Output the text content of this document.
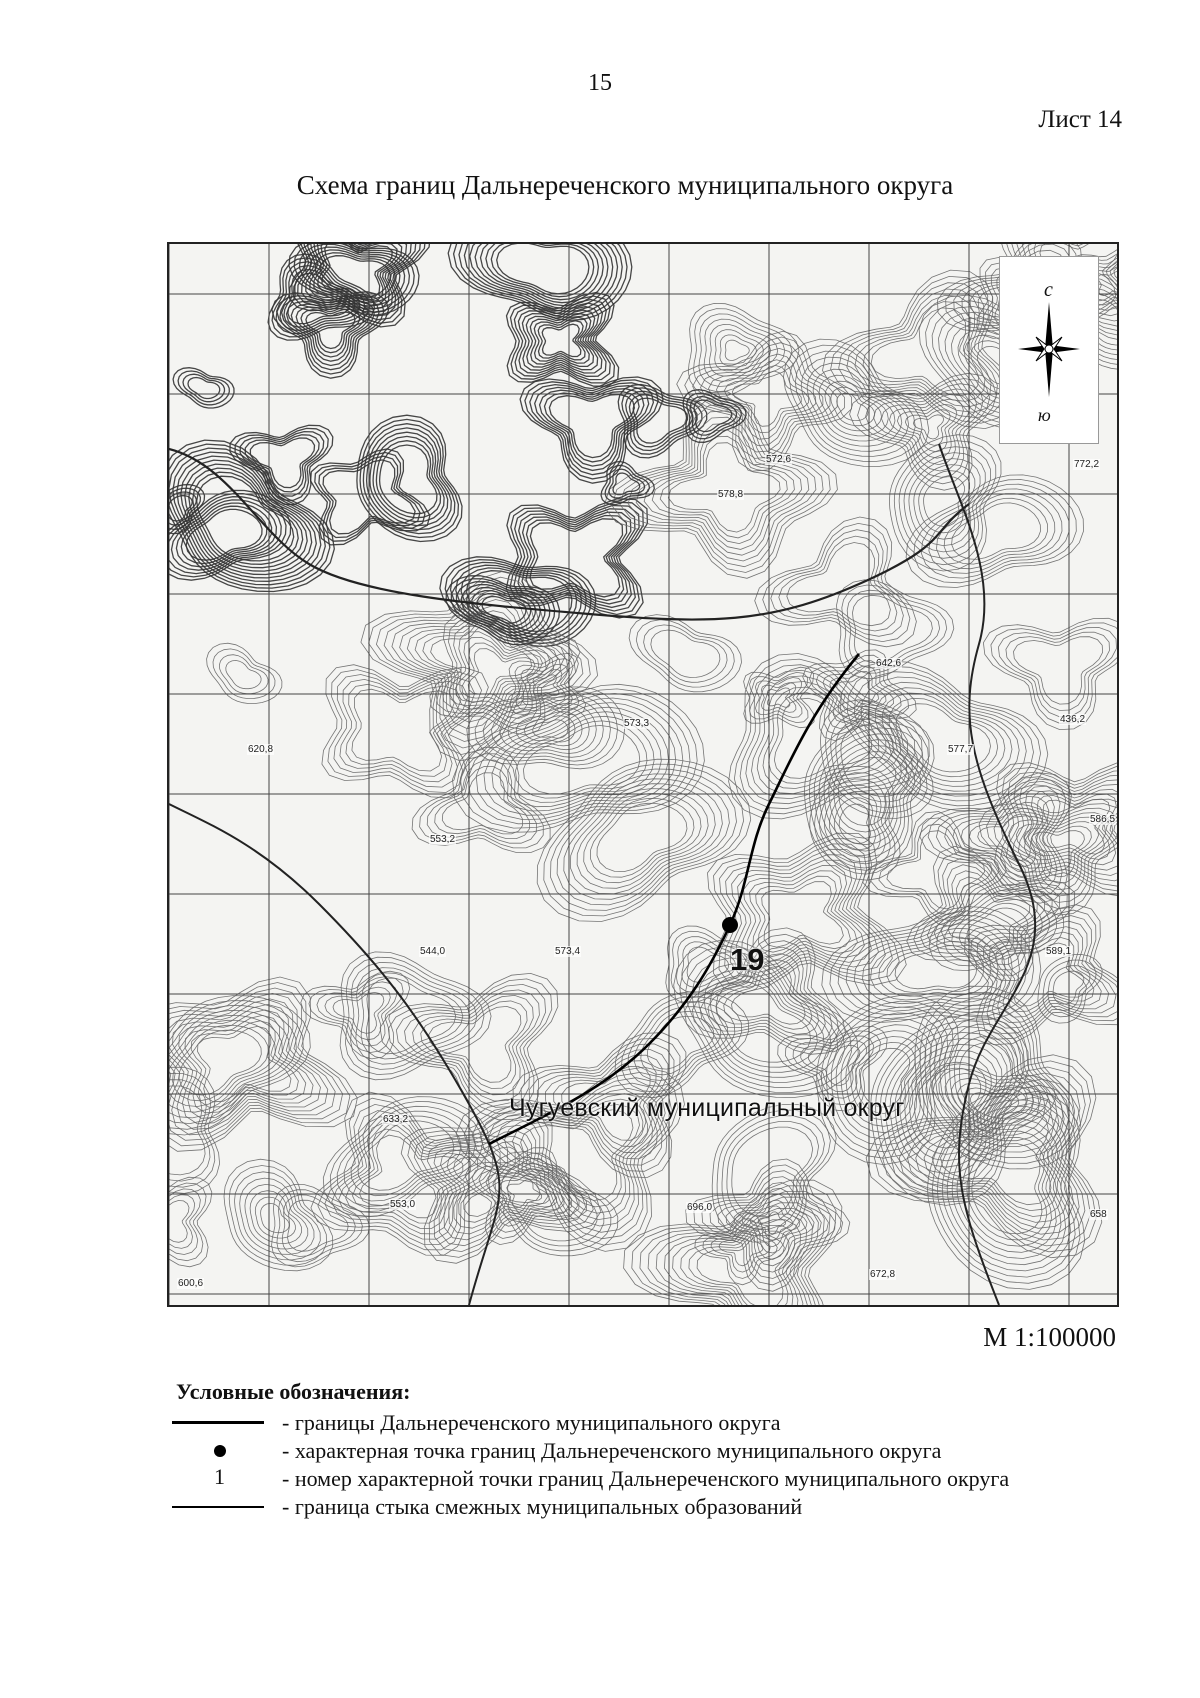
15
Лист 14
Схема границ Дальнереченского муниципального округа
с
ю
Чугуевский муниципальный округ
19
572,6
578,8
573,3
577,7
586,5
436,2
620,8
553,2
544,0	573,4	589,1
633,2
553,0	696,0
672,8
658
772,2
600,6
642,6
М 1:100000
Условные обозначения:
- границы Дальнереченского муниципального округа
- характерная точка границ Дальнереченского муниципального округа
1	- номер характерной точки границ Дальнереченского муниципального округа
- граница стыка смежных муниципальных образований
